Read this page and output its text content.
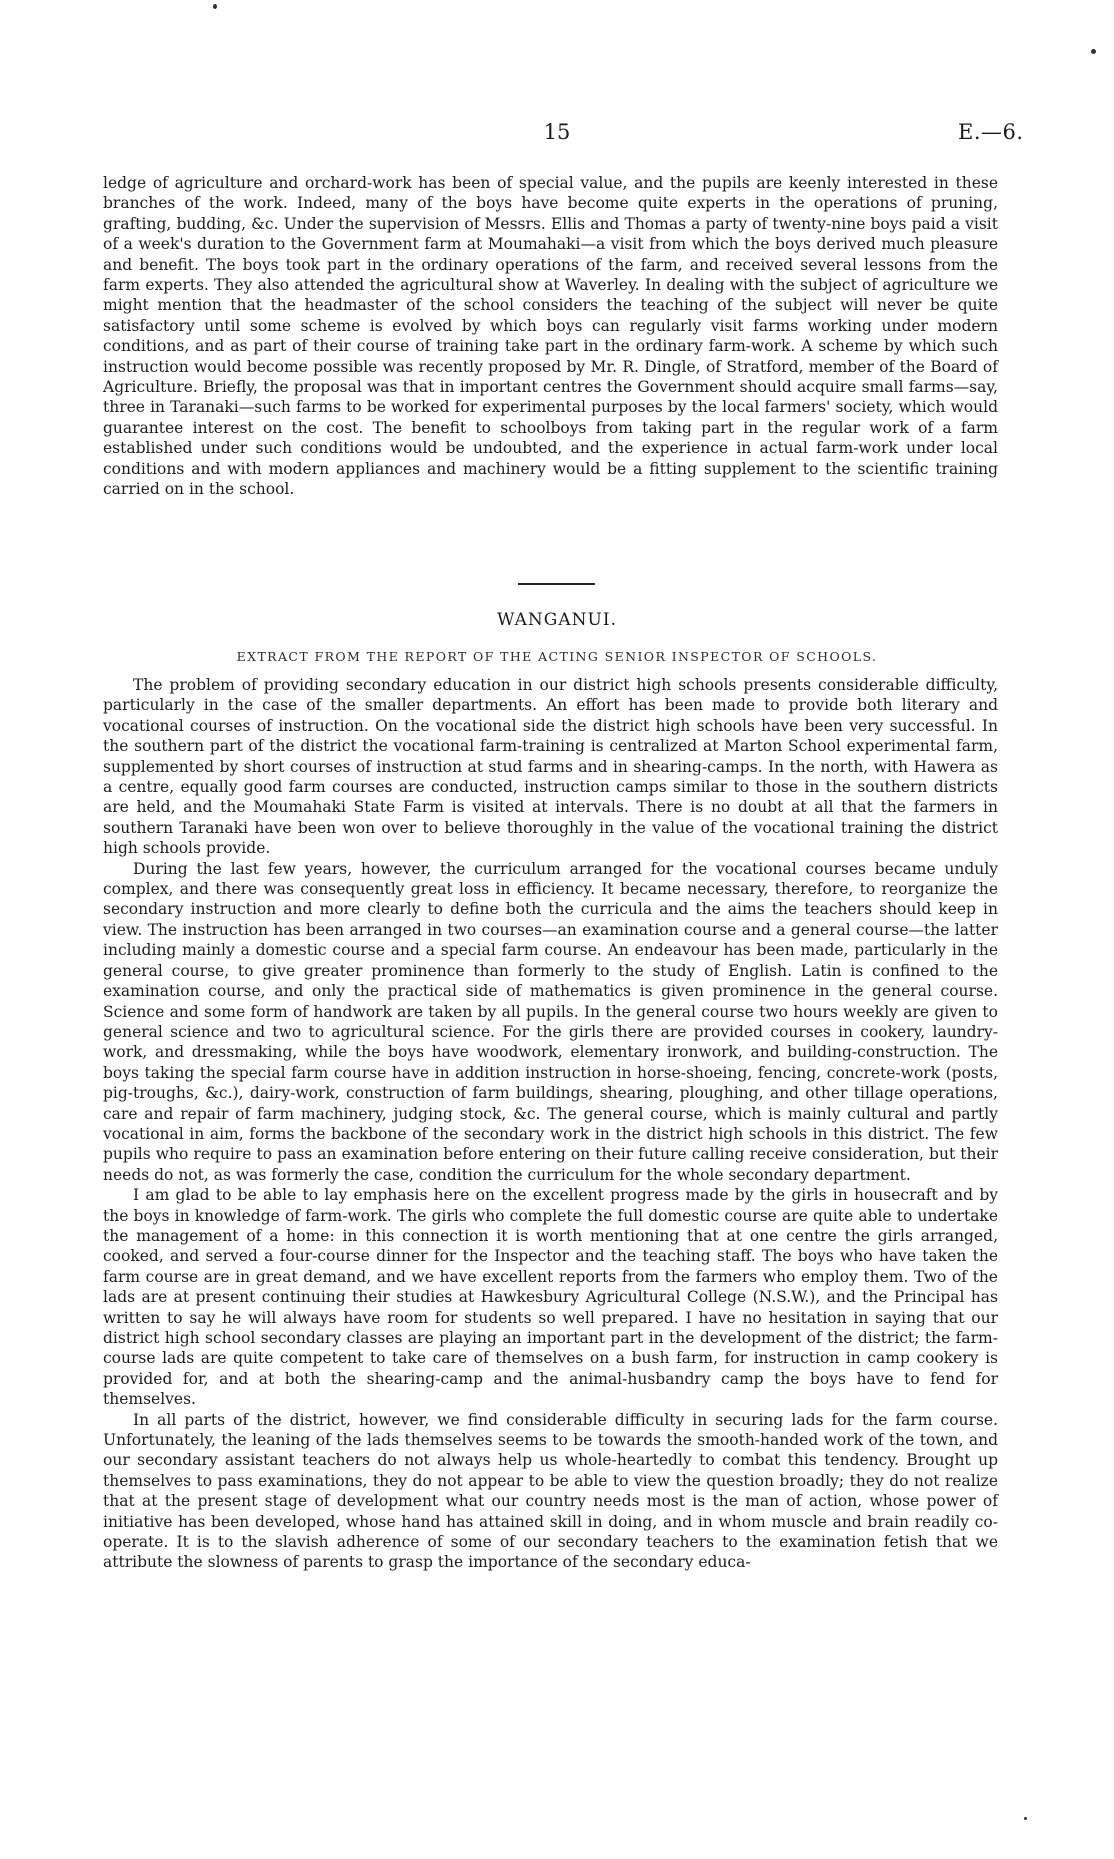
15	E.—6.

ledge of agriculture and orchard-work has been of special value, and the pupils are keenly interested in these branches of the work. Indeed, many of the boys have become quite experts in the operations of pruning, grafting, budding, &c. Under the supervision of Messrs. Ellis and Thomas a party of twenty-nine boys paid a visit of a week's duration to the Government farm at Moumahaki—a visit from which the boys derived much pleasure and benefit. The boys took part in the ordinary operations of the farm, and received several lessons from the farm experts. They also attended the agricultural show at Waverley. In dealing with the subject of agriculture we might mention that the headmaster of the school considers the teaching of the subject will never be quite satisfactory until some scheme is evolved by which boys can regularly visit farms working under modern conditions, and as part of their course of training take part in the ordinary farm-work. A scheme by which such instruction would become possible was recently proposed by Mr. R. Dingle, of Stratford, member of the Board of Agriculture. Briefly, the proposal was that in important centres the Government should acquire small farms—say, three in Taranaki—such farms to be worked for experimental purposes by the local farmers' society, which would guarantee interest on the cost. The benefit to schoolboys from taking part in the regular work of a farm established under such conditions would be undoubted, and the experience in actual farm-work under local conditions and with modern appliances and machinery would be a fitting supplement to the scientific training carried on in the school.

WANGANUI.
EXTRACT FROM THE REPORT OF THE ACTING SENIOR INSPECTOR OF SCHOOLS.

The problem of providing secondary education in our district high schools presents considerable difficulty, particularly in the case of the smaller departments. An effort has been made to provide both literary and vocational courses of instruction. On the vocational side the district high schools have been very successful. In the southern part of the district the vocational farm-training is centralized at Marton School experimental farm, supplemented by short courses of instruction at stud farms and in shearing-camps. In the north, with Hawera as a centre, equally good farm courses are conducted, instruction camps similar to those in the southern districts are held, and the Moumahaki State Farm is visited at intervals. There is no doubt at all that the farmers in southern Taranaki have been won over to believe thoroughly in the value of the vocational training the district high schools provide.

During the last few years, however, the curriculum arranged for the vocational courses became unduly complex, and there was consequently great loss in efficiency. It became necessary, therefore, to reorganize the secondary instruction and more clearly to define both the curricula and the aims the teachers should keep in view. The instruction has been arranged in two courses—an examination course and a general course—the latter including mainly a domestic course and a special farm course. An endeavour has been made, particularly in the general course, to give greater prominence than formerly to the study of English. Latin is confined to the examination course, and only the practical side of mathematics is given prominence in the general course. Science and some form of handwork are taken by all pupils. In the general course two hours weekly are given to general science and two to agricultural science. For the girls there are provided courses in cookery, laundry-work, and dressmaking, while the boys have woodwork, elementary ironwork, and building-construction. The boys taking the special farm course have in addition instruction in horse-shoeing, fencing, concrete-work (posts, pig-troughs, &c.), dairy-work, construction of farm buildings, shearing, ploughing, and other tillage operations, care and repair of farm machinery, judging stock, &c. The general course, which is mainly cultural and partly vocational in aim, forms the backbone of the secondary work in the district high schools in this district. The few pupils who require to pass an examination before entering on their future calling receive consideration, but their needs do not, as was formerly the case, condition the curriculum for the whole secondary department.

I am glad to be able to lay emphasis here on the excellent progress made by the girls in housecraft and by the boys in knowledge of farm-work. The girls who complete the full domestic course are quite able to undertake the management of a home: in this connection it is worth mentioning that at one centre the girls arranged, cooked, and served a four-course dinner for the Inspector and the teaching staff. The boys who have taken the farm course are in great demand, and we have excellent reports from the farmers who employ them. Two of the lads are at present continuing their studies at Hawkesbury Agricultural College (N.S.W.), and the Principal has written to say he will always have room for students so well prepared. I have no hesitation in saying that our district high school secondary classes are playing an important part in the development of the district; the farm-course lads are quite competent to take care of themselves on a bush farm, for instruction in camp cookery is provided for, and at both the shearing-camp and the animal-husbandry camp the boys have to fend for themselves.

In all parts of the district, however, we find considerable difficulty in securing lads for the farm course. Unfortunately, the leaning of the lads themselves seems to be towards the smooth-handed work of the town, and our secondary assistant teachers do not always help us whole-heartedly to combat this tendency. Brought up themselves to pass examinations, they do not appear to be able to view the question broadly; they do not realize that at the present stage of development what our country needs most is the man of action, whose power of initiative has been developed, whose hand has attained skill in doing, and in whom muscle and brain readily co-operate. It is to the slavish adherence of some of our secondary teachers to the examination fetish that we attribute the slowness of parents to grasp the importance of the secondary educa-
